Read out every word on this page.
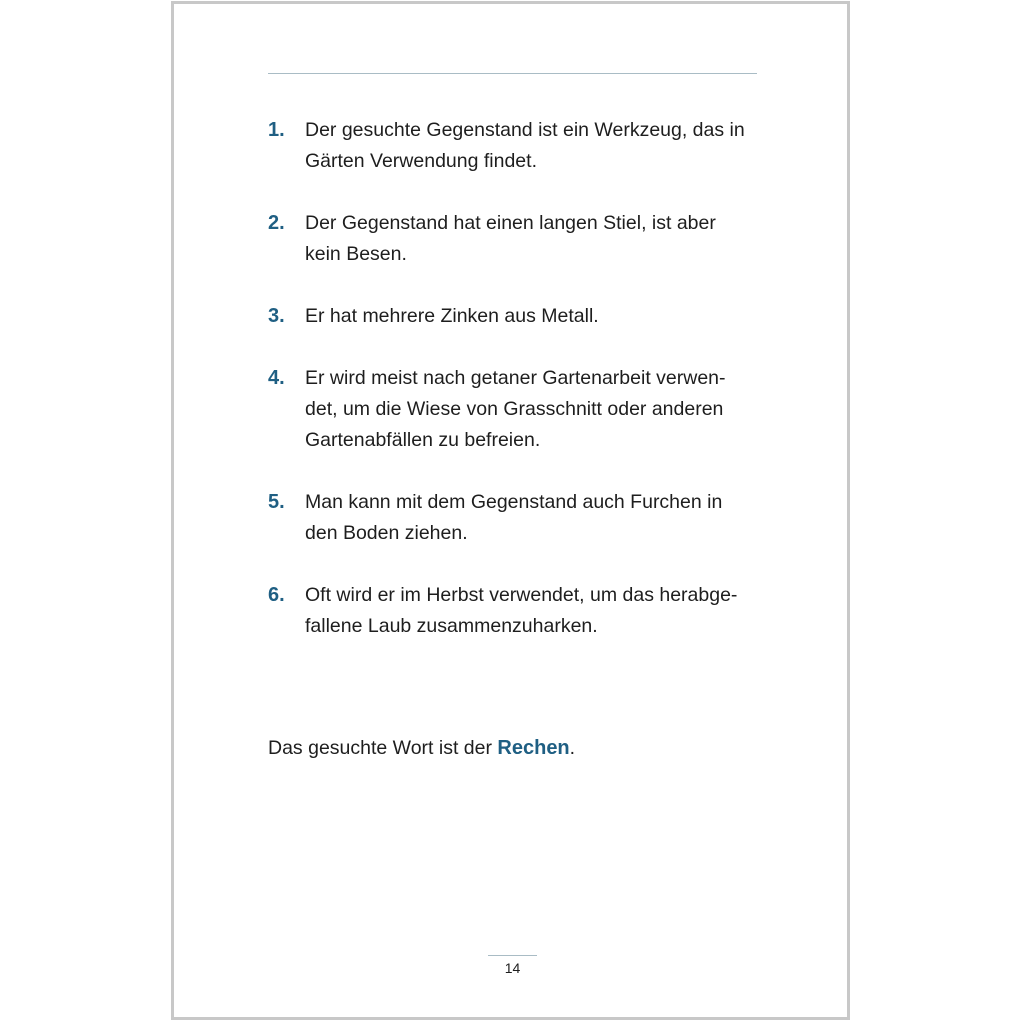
1. Der gesuchte Gegenstand ist ein Werkzeug, das in
Gärten Verwendung findet.
2. Der Gegenstand hat einen langen Stiel, ist aber
kein Besen.
3. Er hat mehrere Zinken aus Metall.
4. Er wird meist nach getaner Gartenarbeit verwen-
det, um die Wiese von Grasschnitt oder anderen
Gartenabfällen zu befreien.
5. Man kann mit dem Gegenstand auch Furchen in
den Boden ziehen.
6. Oft wird er im Herbst verwendet, um das herabge-
fallene Laub zusammenzuharken.
Das gesuchte Wort ist der Rechen.
14
